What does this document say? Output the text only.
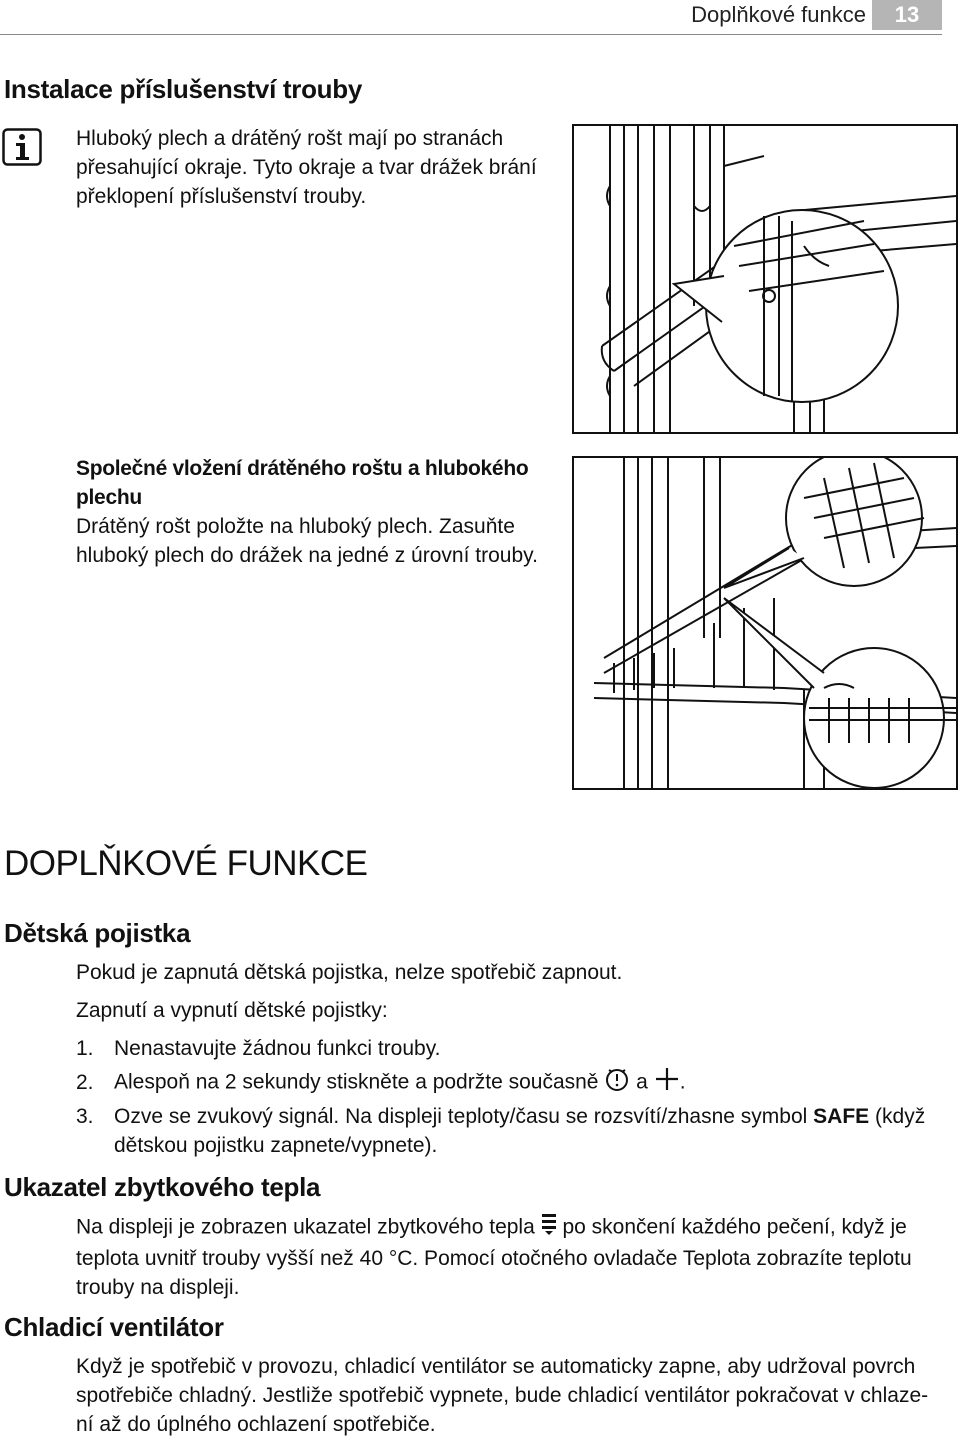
Doplňkové funkce	13
Instalace příslušenství trouby

Hluboký plech a drátěný rošt mají po stranách přesahující okraje. Tyto okraje a tvar drážek brání překlopení příslušenství trouby.

Společné vložení drátěného roštu a hlubokého plechu

Drátěný rošt položte na hluboký plech. Zasuňte hluboký plech do drážek na jedné z úrovní trouby.

DOPLŇKOVÉ FUNKCE
Dětská pojistka

Pokud je zapnutá dětská pojistka, nelze spotřebič zapnout.

Zapnutí a vypnutí dětské pojistky:

1. Nenastavujte žádnou funkci trouby.

2. Alespoň na 2 sekundy stiskněte a podržte současně a .

3. Ozve se zvukový signál. Na displeji teploty/času se rozsvítí/zhasne symbol SAFE (když dětskou pojistku zapnete/vypnete).

Ukazatel zbytkového tepla

Na displeji je zobrazen ukazatel zbytkového tepla po skončení každého pečení, když je teplota uvnitř trouby vyšší než 40 °C. Pomocí otočného ovladače Teplota zobrazíte teplotu trouby na displeji.

Chladicí ventilátor

Když je spotřebič v provozu, chladicí ventilátor se automaticky zapne, aby udržoval povrch spotřebiče chladný. Jestliže spotřebič vypnete, bude chladicí ventilátor pokračovat v chlaze- ní až do úplného ochlazení spotřebiče.
